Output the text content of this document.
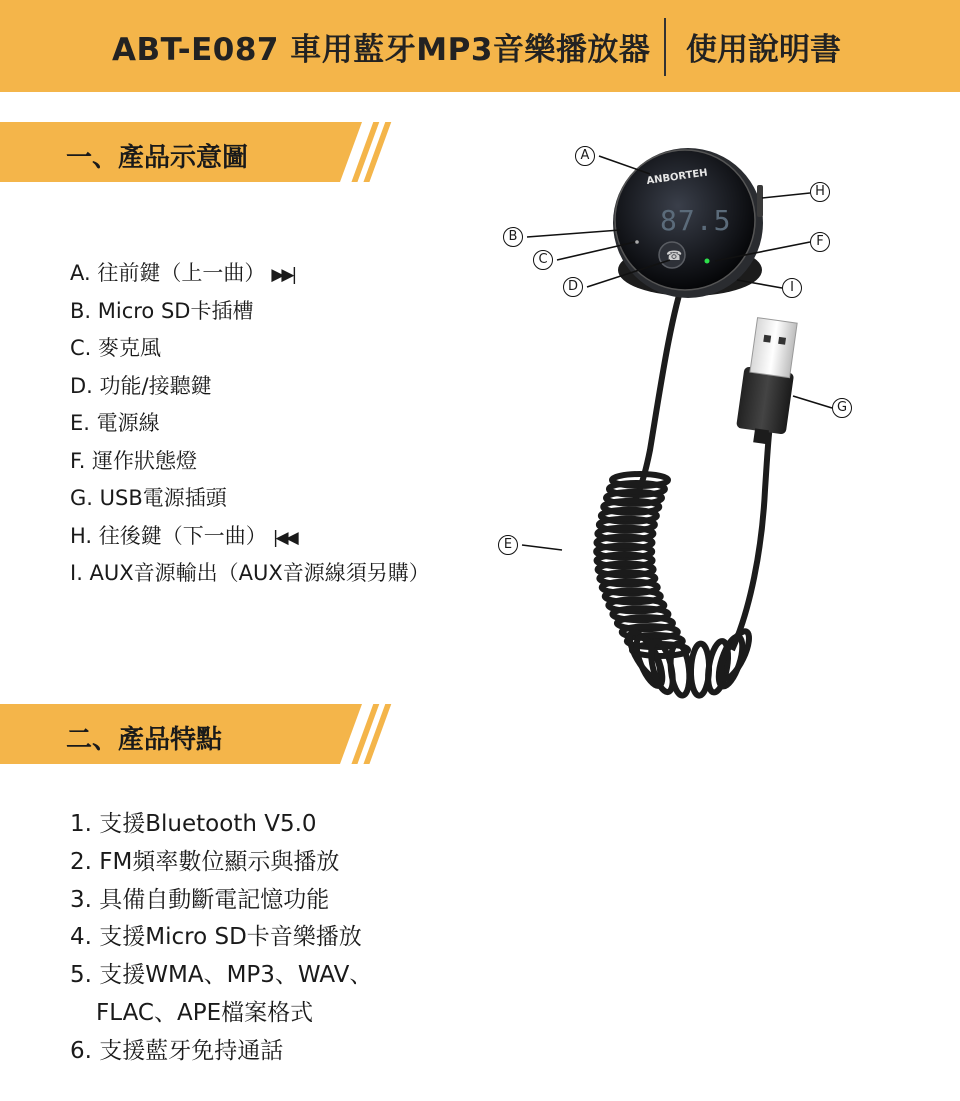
ABT-E087 車用藍牙MP3音樂播放器 使用說明書
一、產品示意圖
A. 往前鍵（上一曲） ▶▶|
B. Micro SD卡插槽
C. 麥克風
D. 功能/接聽鍵
E. 電源線
F. 運作狀態燈
G. USB電源插頭
H. 往後鍵（下一曲） |◀◀
I. AUX音源輸出（AUX音源線須另購）
ANBORTEH
87.5
☎
A
B
C
D
E
F
G
H
I
二、產品特點
1. 支援Bluetooth V5.0
2. FM頻率數位顯示與播放
3. 具備自動斷電記憶功能
4. 支援Micro SD卡音樂播放
5. 支援WMA、MP3、WAV、
FLAC、APE檔案格式
6. 支援藍牙免持通話
